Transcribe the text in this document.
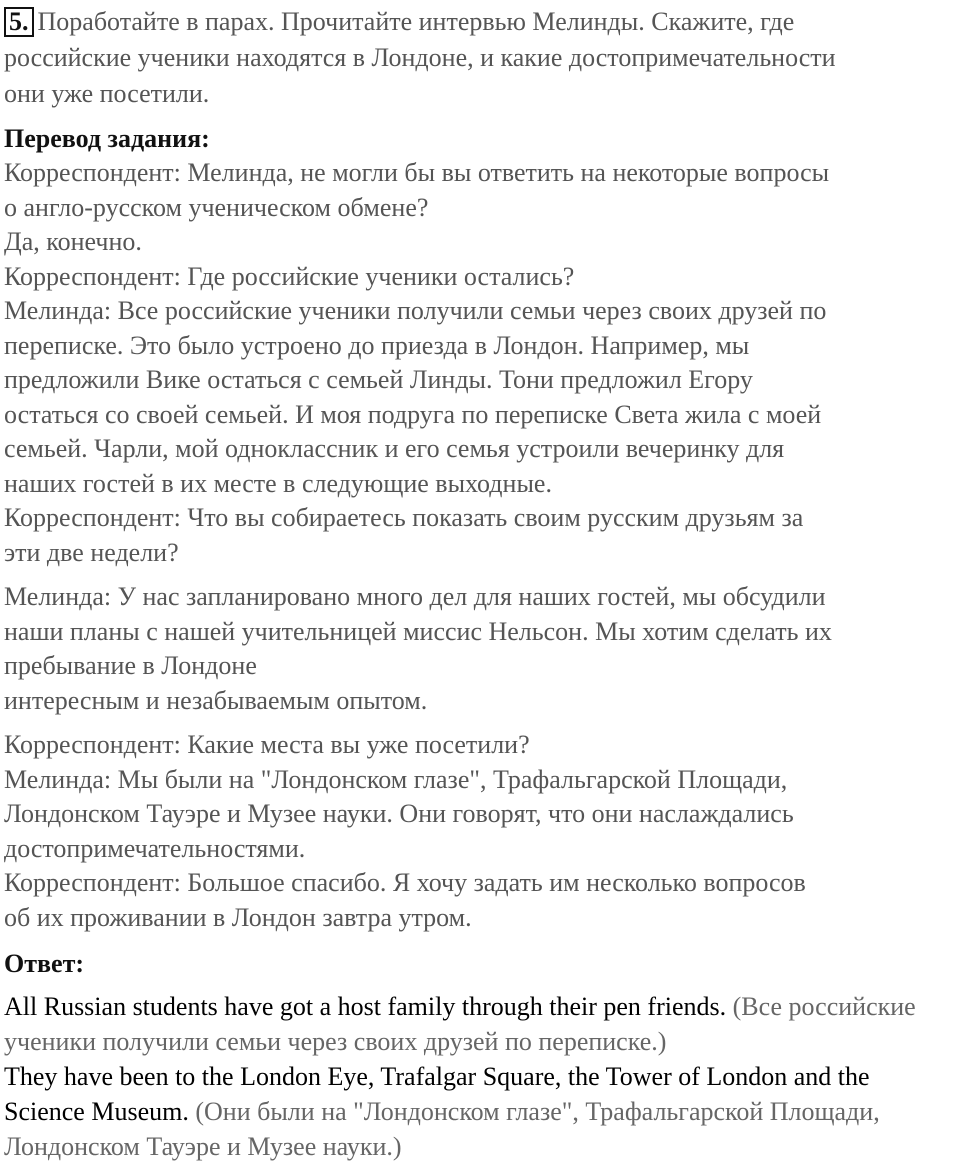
5. Поработайте в парах. Прочитайте интервью Мелинды. Скажите, где
российские ученики находятся в Лондоне, и какие достопримечательности
они уже посетили.

Перевод задания:

Корреспондент: Мелинда, не могли бы вы ответить на некоторые вопросы
о англо-русском ученическом обмене?
Да, конечно.
Корреспондент: Где российские ученики остались?
Мелинда: Все российские ученики получили семьи через своих друзей по
переписке. Это было устроено до приезда в Лондон. Например, мы
предложили Вике остаться с семьей Линды. Тони предложил Егору
остаться со своей семьей. И моя подруга по переписке Света жила с моей
семьей. Чарли, мой одноклассник и его семья устроили вечеринку для
наших гостей в их месте в следующие выходные.
Корреспондент: Что вы собираетесь показать своим русским друзьям за
эти две недели?
Мелинда: У нас запланировано много дел для наших гостей, мы обсудили
наши планы с нашей учительницей миссис Нельсон. Мы хотим сделать их
пребывание в Лондоне
интересным и незабываемым опытом.
Корреспондент: Какие места вы уже посетили?
Мелинда: Мы были на "Лондонском глазе", Трафальгарской Площади,
Лондонском Тауэре и Музее науки. Они говорят, что они наслаждались
достопримечательностями.
Корреспондент: Большое спасибо. Я хочу задать им несколько вопросов
об их проживании в Лондон завтра утром.

Ответ:

All Russian students have got a host family through their pen friends. (Все российские ученики получили семьи через своих друзей по переписке.)
They have been to the London Eye, Trafalgar Square, the Tower of London and the Science Museum. (Они были на "Лондонском глазе", Трафальгарской Площади, Лондонском Тауэре и Музее науки.)
